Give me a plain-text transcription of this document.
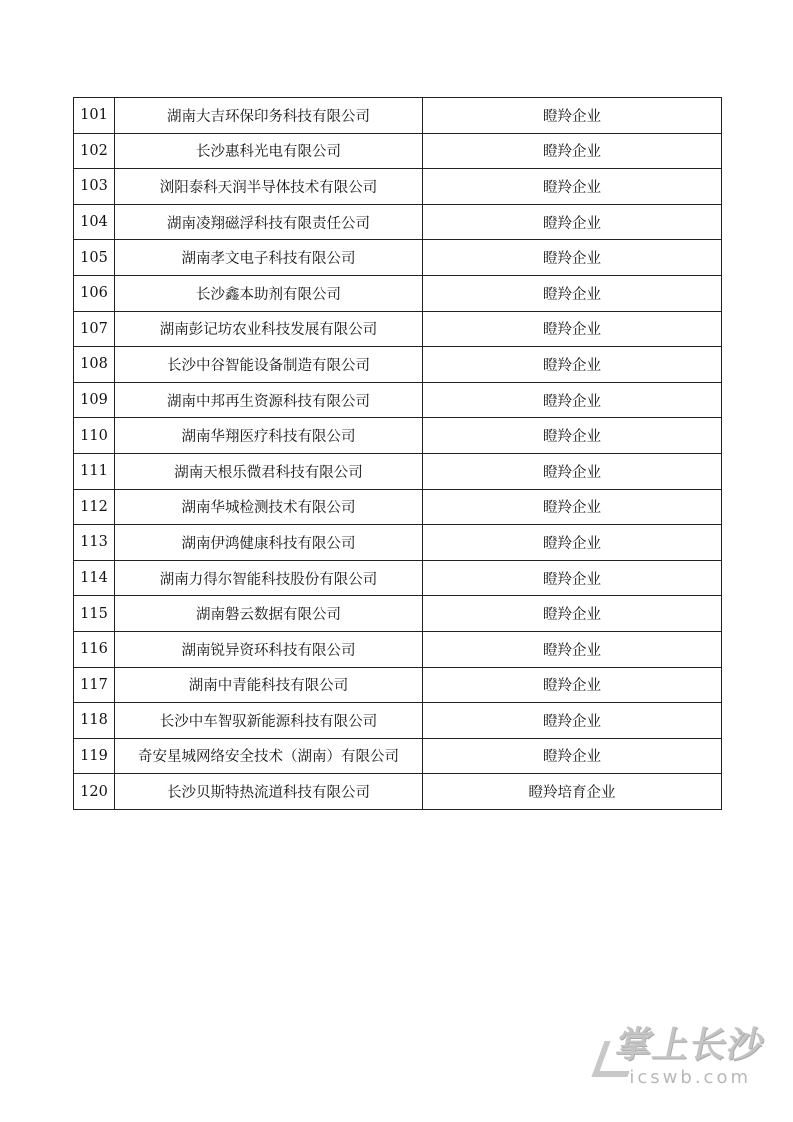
101	湖南大吉环保印务科技有限公司	瞪羚企业
102	长沙惠科光电有限公司	瞪羚企业
103	浏阳泰科天润半导体技术有限公司	瞪羚企业
104	湖南凌翔磁浮科技有限责任公司	瞪羚企业
105	湖南孝文电子科技有限公司	瞪羚企业
106	长沙鑫本助剂有限公司	瞪羚企业
107	湖南彭记坊农业科技发展有限公司	瞪羚企业
108	长沙中谷智能设备制造有限公司	瞪羚企业
109	湖南中邦再生资源科技有限公司	瞪羚企业
110	湖南华翔医疗科技有限公司	瞪羚企业
111	湖南天根乐微君科技有限公司	瞪羚企业
112	湖南华城检测技术有限公司	瞪羚企业
113	湖南伊鸿健康科技有限公司	瞪羚企业
114	湖南力得尔智能科技股份有限公司	瞪羚企业
115	湖南磐云数据有限公司	瞪羚企业
116	湖南锐异资环科技有限公司	瞪羚企业
117	湖南中青能科技有限公司	瞪羚企业
118	长沙中车智驭新能源科技有限公司	瞪羚企业
119	奇安星城网络安全技术（湖南）有限公司	瞪羚企业
120	长沙贝斯特热流道科技有限公司	瞪羚培育企业
掌上长沙
icswb.com
